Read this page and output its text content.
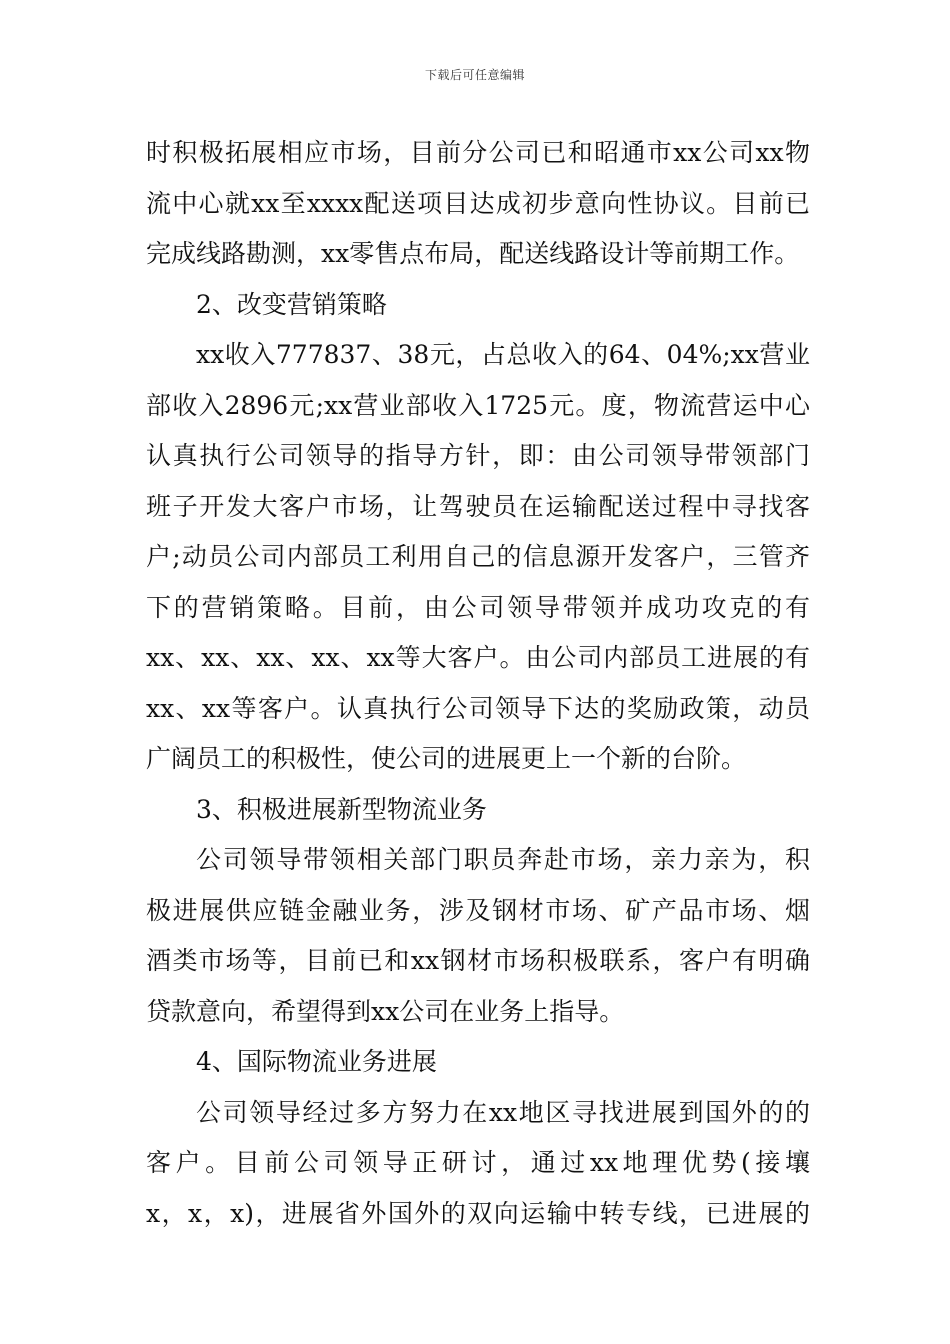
下载后可任意编辑
时积极拓展相应市场，目前分公司已和昭通市xx公司xx物
流中心就xx至xxxx配送项目达成初步意向性协议。目前已
完成线路勘测，xx零售点布局，配送线路设计等前期工作。
2、改变营销策略
xx收入777837、38元，占总收入的64、04%;xx营业
部收入2896元;xx营业部收入1725元。度，物流营运中心
认真执行公司领导的指导方针，即：由公司领导带领部门
班子开发大客户市场，让驾驶员在运输配送过程中寻找客
户;动员公司内部员工利用自己的信息源开发客户，三管齐
下的营销策略。目前，由公司领导带领并成功攻克的有
xx、xx、xx、xx、xx等大客户。由公司内部员工进展的有
xx、xx等客户。认真执行公司领导下达的奖励政策，动员
广阔员工的积极性，使公司的进展更上一个新的台阶。
3、积极进展新型物流业务
公司领导带领相关部门职员奔赴市场，亲力亲为，积
极进展供应链金融业务，涉及钢材市场、矿产品市场、烟
酒类市场等，目前已和xx钢材市场积极联系，客户有明确
贷款意向，希望得到xx公司在业务上指导。
4、国际物流业务进展
公司领导经过多方努力在xx地区寻找进展到国外的的
客户。目前公司领导正研讨，通过xx地理优势(接壤
x，x，x)，进展省外国外的双向运输中转专线，已进展的
